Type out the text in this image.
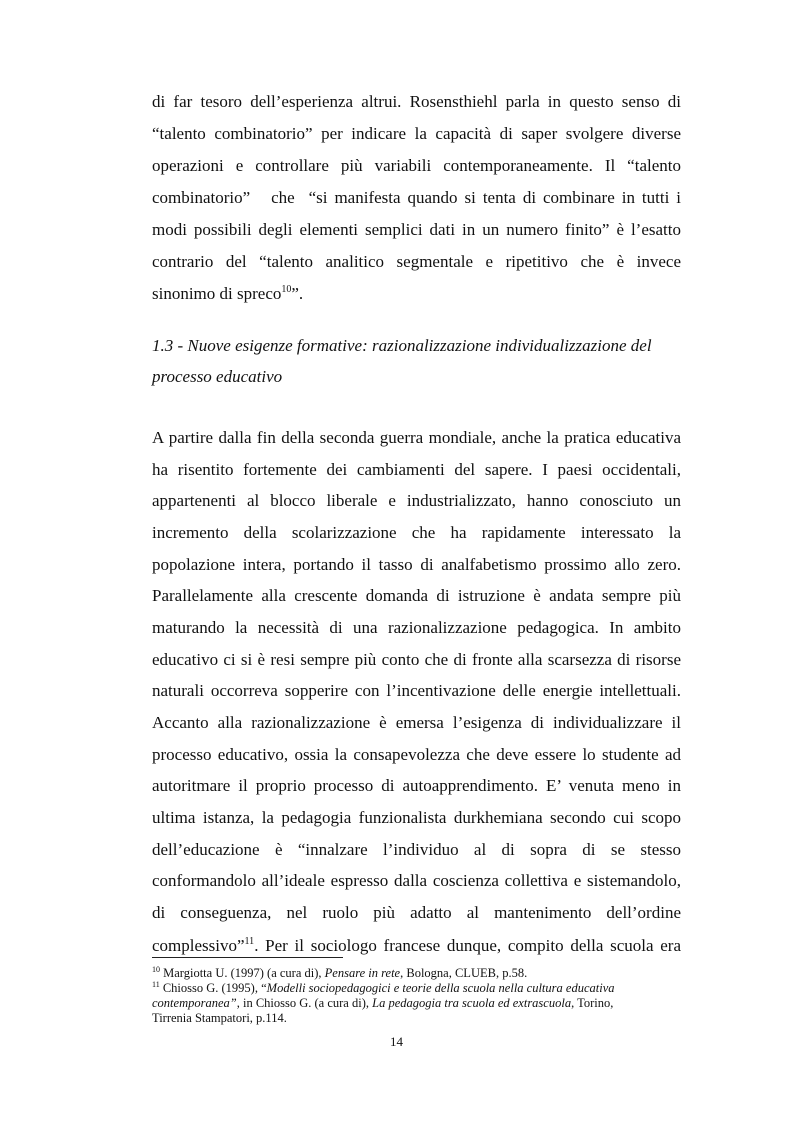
di far tesoro dell’esperienza altrui. Rosensthiehl parla in questo senso di
“talento combinatorio” per indicare la capacità di saper svolgere diverse
operazioni e controllare più variabili contemporaneamente. Il “talento
combinatorio”   che  “si manifesta quando si tenta di combinare in tutti i
modi possibili degli elementi semplici dati in un numero finito” è l’esatto
contrario del “talento analitico segmentale e ripetitivo che è invece
sinonimo di spreco$^{10}$”.
1.3 - Nuove esigenze formative: razionalizzazione individualizzazione del
processo educativo
A partire dalla fin della seconda guerra mondiale, anche la pratica educativa
ha risentito fortemente dei cambiamenti del sapere. I paesi occidentali,
appartenenti al blocco liberale e industrializzato, hanno conosciuto un
incremento della scolarizzazione che ha rapidamente interessato la
popolazione intera, portando il tasso di analfabetismo prossimo allo zero.
Parallelamente alla crescente domanda di istruzione è andata sempre più
maturando la necessità di una razionalizzazione pedagogica. In ambito
educativo ci si è resi sempre più conto che di fronte alla scarsezza di risorse
naturali occorreva sopperire con l’incentivazione delle energie intellettuali.
Accanto alla razionalizzazione è emersa l’esigenza di individualizzare il
processo educativo, ossia la consapevolezza che deve essere lo studente ad
autoritmare il proprio processo di autoapprendimento. E’ venuta meno in
ultima istanza, la pedagogia funzionalista durkhemiana secondo cui scopo
dell’educazione è “innalzare l’individuo al di sopra di se stesso
conformandolo all’ideale espresso dalla coscienza collettiva e sistemandolo,
di conseguenza, nel ruolo più adatto al mantenimento dell’ordine
complessivo”$^{11}$. Per il sociologo francese dunque, compito della scuola era
$^{10}$ Margiotta U. (1997) (a cura di), Pensare in rete, Bologna, CLUEB, p.58.
$^{11}$ Chiosso G. (1995), “Modelli sociopedagogici e teorie della scuola nella cultura educativa
contemporanea”, in Chiosso G. (a cura di), La pedagogia tra scuola ed extrascuola, Torino,
Tirrenia Stampatori, p.114.
14
